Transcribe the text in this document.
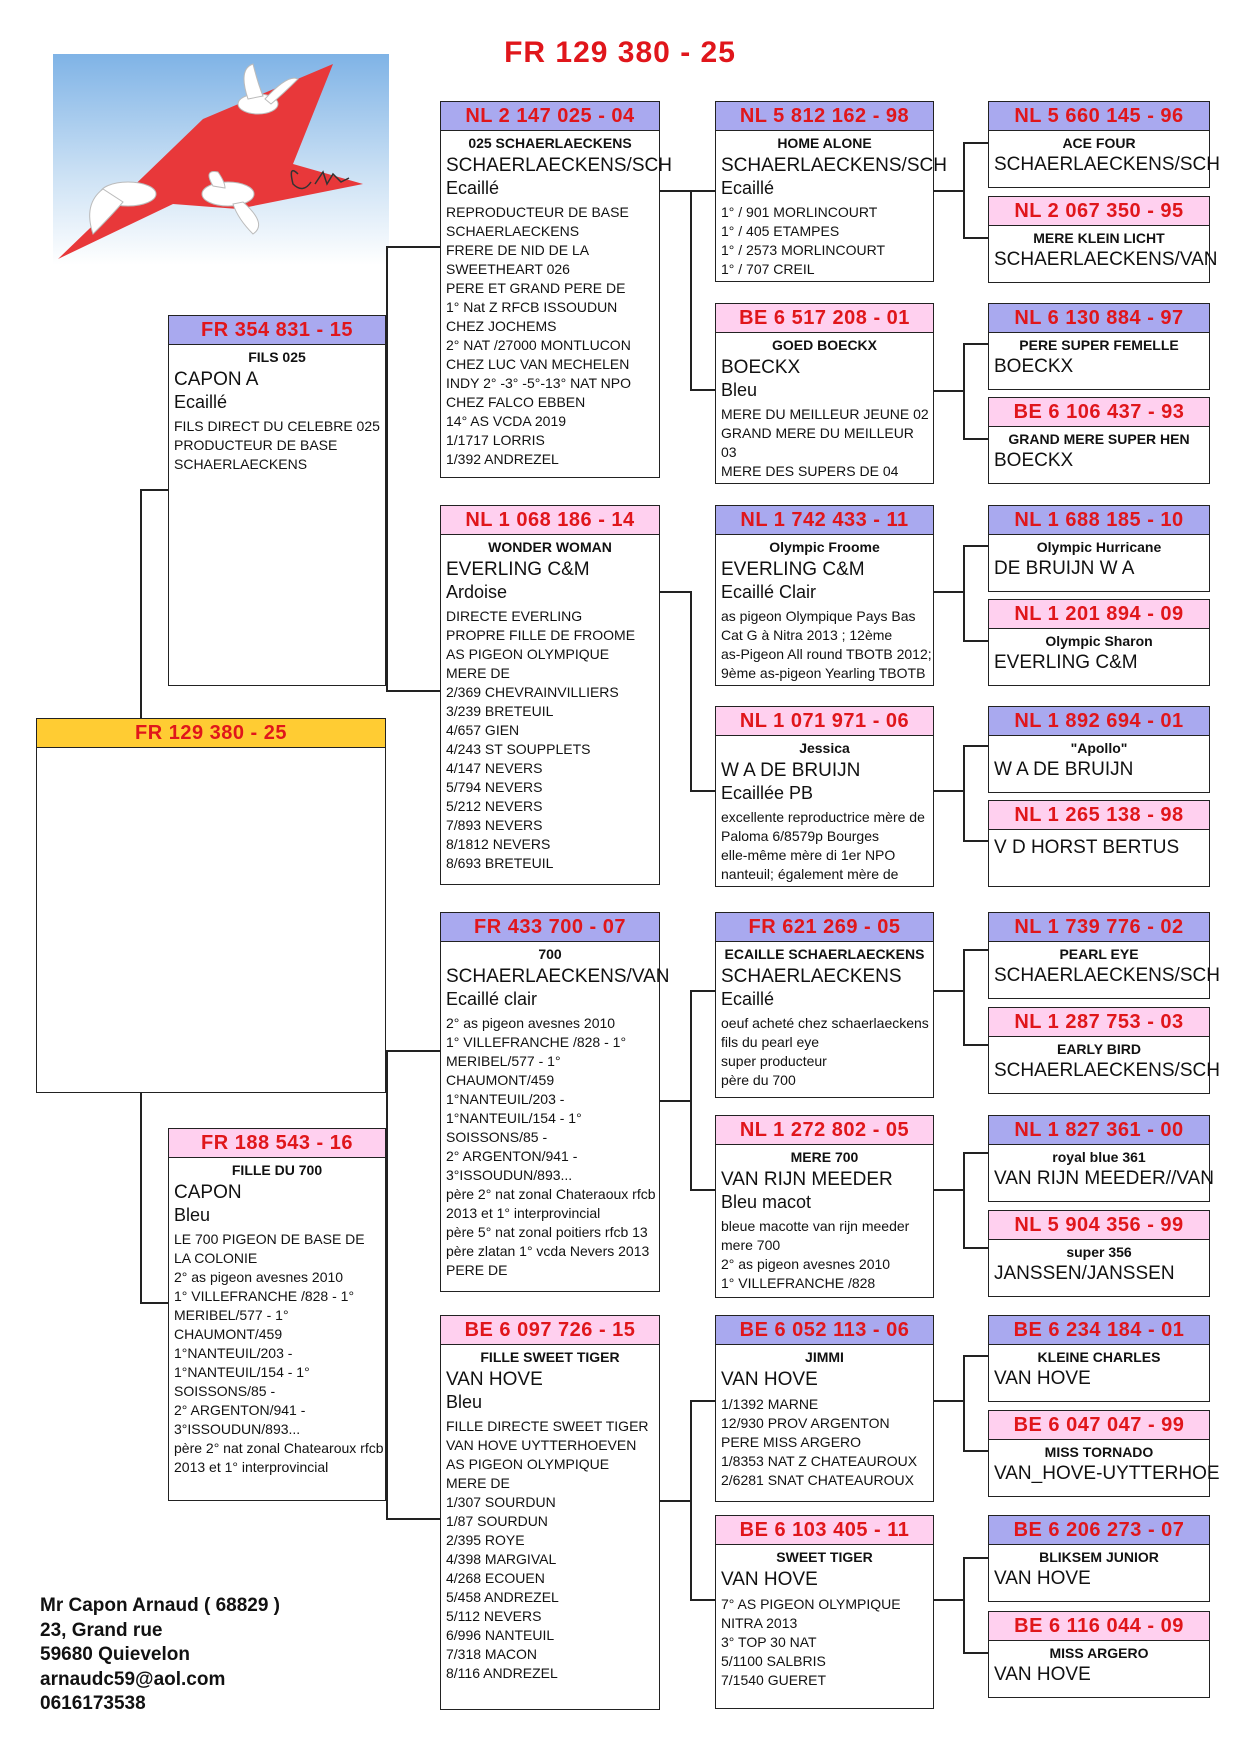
FR 129 380 - 25
FR 129 380 - 25
FR 354 831 - 15
FILS 025
CAPON A
Ecaillé
FILS DIRECT DU CELEBRE 025
PRODUCTEUR DE BASE
SCHAERLAECKENS
FR 188 543 - 16
FILLE DU 700
CAPON
Bleu
LE 700 PIGEON DE BASE DE
LA COLONIE
2° as pigeon avesnes 2010
1° VILLEFRANCHE /828 - 1°
MERIBEL/577 - 1°
CHAUMONT/459
1°NANTEUIL/203 -
1°NANTEUIL/154 - 1°
SOISSONS/85 -
2° ARGENTON/941 -
3°ISSOUDUN/893...
père 2° nat zonal Chatearoux rfcb
2013 et 1° interprovincial
NL 2 147 025 - 04
025 SCHAERLAECKENS
SCHAERLAECKENS/SCH
Ecaillé
REPRODUCTEUR DE BASE
SCHAERLAECKENS
FRERE DE NID DE LA
SWEETHEART 026
PERE ET GRAND PERE DE
1° Nat Z RFCB ISSOUDUN
CHEZ JOCHEMS
2° NAT /27000 MONTLUCON
CHEZ LUC VAN MECHELEN
INDY 2° -3° -5°-13° NAT NPO
CHEZ FALCO EBBEN
14° AS VCDA 2019
1/1717 LORRIS
1/392 ANDREZEL
NL 1 068 186 - 14
WONDER WOMAN
EVERLING C&M
Ardoise
DIRECTE EVERLING
PROPRE FILLE DE FROOME
AS PIGEON OLYMPIQUE
MERE DE
2/369 CHEVRAINVILLIERS
3/239 BRETEUIL
4/657 GIEN
4/243 ST SOUPPLETS
4/147 NEVERS
5/794 NEVERS
5/212 NEVERS
7/893 NEVERS
8/1812 NEVERS
8/693 BRETEUIL
FR 433 700 - 07
700
SCHAERLAECKENS/VAN
Ecaillé clair
2° as pigeon avesnes 2010
1° VILLEFRANCHE /828 - 1°
MERIBEL/577 - 1°
CHAUMONT/459
1°NANTEUIL/203 -
1°NANTEUIL/154 - 1°
SOISSONS/85 -
2° ARGENTON/941 -
3°ISSOUDUN/893...
père 2° nat zonal Chateraoux rfcb
2013 et 1° interprovincial
père 5° nat zonal poitiers rfcb 13
père zlatan 1° vcda Nevers 2013
PERE DE
BE 6 097 726 - 15
FILLE SWEET TIGER
VAN HOVE
Bleu
FILLE DIRECTE SWEET TIGER
VAN HOVE UYTTERHOEVEN
AS PIGEON OLYMPIQUE
MERE DE
1/307 SOURDUN
1/87 SOURDUN
2/395 ROYE
4/398 MARGIVAL
4/268 ECOUEN
5/458 ANDREZEL
5/112 NEVERS
6/996 NANTEUIL
7/318 MACON
8/116 ANDREZEL
NL 5 812 162 - 98
HOME ALONE
SCHAERLAECKENS/SCH
Ecaillé
1° / 901 MORLINCOURT
1° / 405 ETAMPES
1° / 2573 MORLINCOURT
1° / 707 CREIL
BE 6 517 208 - 01
GOED BOECKX
BOECKX
Bleu
MERE DU MEILLEUR JEUNE 02
GRAND MERE DU MEILLEUR
03
MERE DES SUPERS DE 04
NL 1 742 433 - 11
Olympic Froome
EVERLING C&M
Ecaillé Clair
as pigeon Olympique Pays Bas
Cat G à Nitra 2013 ; 12ème
as-Pigeon All round TBOTB 2012;
9ème as-pigeon Yearling TBOTB
NL 1 071 971 - 06
Jessica
W A DE BRUIJN
Ecaillée PB
excellente reproductrice mère de
Paloma 6/8579p Bourges
elle-même mère di 1er NPO
nanteuil; également mère de
FR 621 269 - 05
ECAILLE SCHAERLAECKENS
SCHAERLAECKENS
Ecaillé
oeuf acheté chez schaerlaeckens
fils du pearl eye
super producteur
père du 700
NL 1 272 802 - 05
MERE 700
VAN RIJN MEEDER
Bleu macot
bleue macotte van rijn meeder
mere 700
2° as pigeon avesnes 2010
1° VILLEFRANCHE /828
BE 6 052 113 - 06
JIMMI
VAN HOVE
1/1392 MARNE
12/930 PROV ARGENTON
PERE MISS ARGERO
1/8353 NAT Z CHATEAUROUX
2/6281 SNAT CHATEAUROUX
BE 6 103 405 - 11
SWEET TIGER
VAN HOVE
7° AS PIGEON OLYMPIQUE
NITRA 2013
3° TOP 30 NAT
5/1100 SALBRIS
7/1540 GUERET
NL 5 660 145 - 96
ACE FOUR
SCHAERLAECKENS/SCH
NL 2 067 350 - 95
MERE KLEIN LICHT
SCHAERLAECKENS/VAN
NL 6 130 884 - 97
PERE SUPER FEMELLE
BOECKX
BE 6 106 437 - 93
GRAND MERE SUPER HEN
BOECKX
NL 1 688 185 - 10
Olympic Hurricane
DE BRUIJN W A
NL 1 201 894 - 09
Olympic Sharon
EVERLING C&M
NL 1 892 694 - 01
"Apollo"
W A DE BRUIJN
NL 1 265 138 - 98
V D HORST BERTUS
NL 1 739 776 - 02
PEARL EYE
SCHAERLAECKENS/SCH
NL 1 287 753 - 03
EARLY BIRD
SCHAERLAECKENS/SCH
NL 1 827 361 - 00
royal blue 361
VAN RIJN MEEDER//VAN
NL 5 904 356 - 99
super 356
JANSSEN/JANSSEN
BE 6 234 184 - 01
KLEINE CHARLES
VAN HOVE
BE 6 047 047 - 99
MISS TORNADO
VAN_HOVE-UYTTERHOE
BE 6 206 273 - 07
BLIKSEM JUNIOR
VAN HOVE
BE 6 116 044 - 09
MISS ARGERO
VAN HOVE
Mr Capon Arnaud ( 68829 )
23, Grand rue
59680 Quievelon
arnaudc59@aol.com
0616173538
